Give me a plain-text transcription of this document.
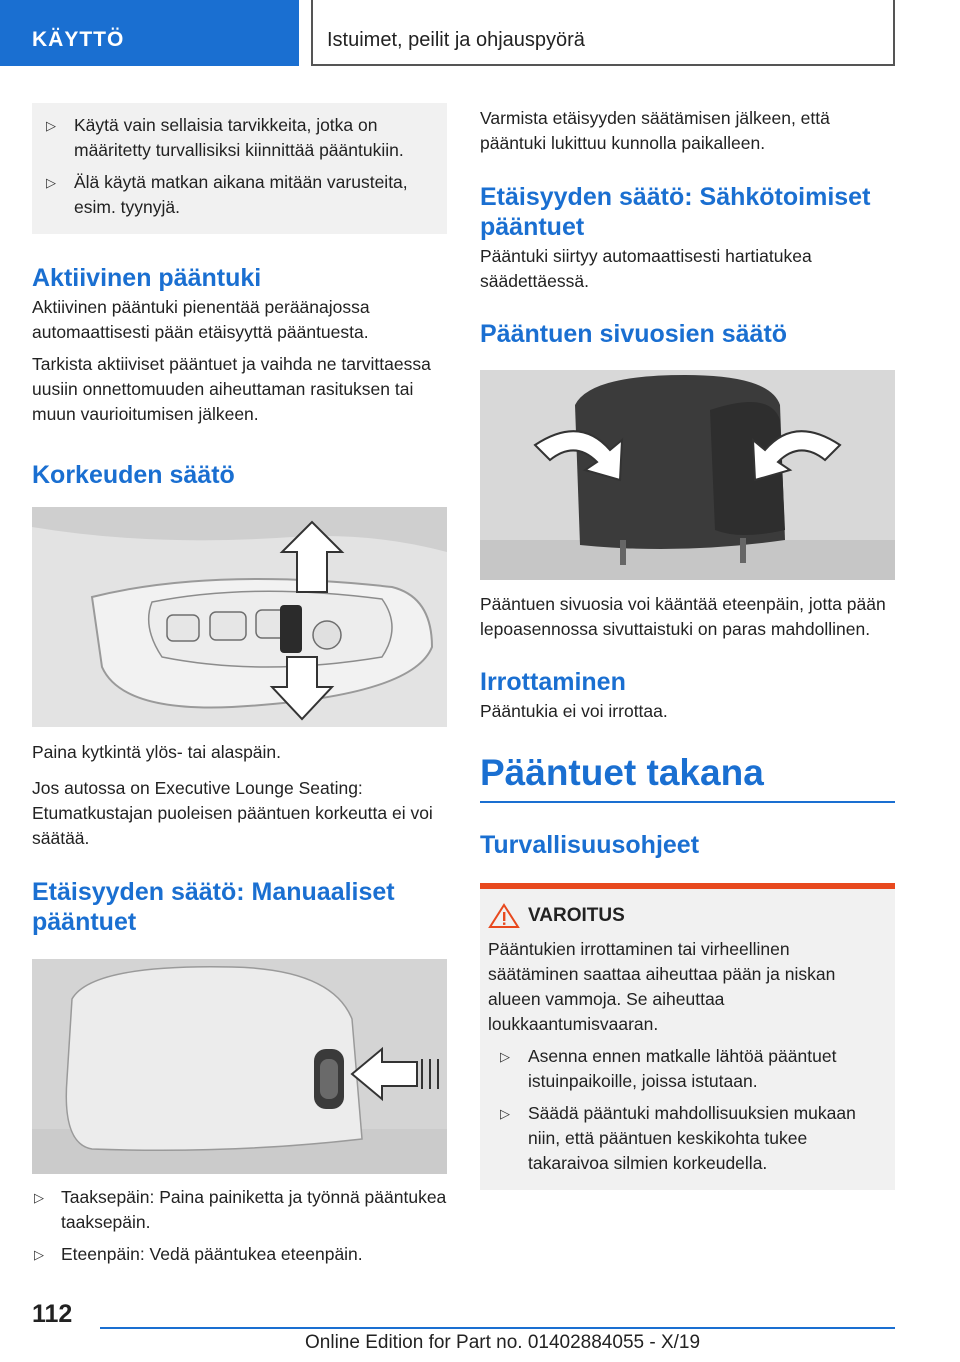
KÄYTTÖ	Istuimet, peilit ja ohjauspyörä
▷ Käytä vain sellaisia tarvikkeita, jotka on määritetty turvallisiksi kiinnittää pääntukiin.
▷ Älä käytä matkan aikana mitään varusteita, esim. tyynyjä.
Aktiivinen pääntuki

Aktiivinen pääntuki pienentää peräänajossa automaattisesti pään etäisyyttä pääntuesta.

Tarkista aktiiviset pääntuet ja vaihda ne tarvittaessa uusiin onnettomuuden aiheuttaman rasituksen tai muun vaurioitumisen jälkeen.

Korkeuden säätö

Paina kytkintä ylös- tai alaspäin.

Jos autossa on Executive Lounge Seating: Etumatkustajan puoleisen pääntuen korkeutta ei voi säätää.

Etäisyyden säätö: Manuaaliset pääntuet
▷ Taaksepäin: Paina painiketta ja työnnä pääntukea taaksepäin.
▷ Eteenpäin: Vedä pääntukea eteenpäin.

Varmista etäisyyden säätämisen jälkeen, että pääntuki lukittuu kunnolla paikalleen.

Etäisyyden säätö: Sähkötoimiset pääntuet

Pääntuki siirtyy automaattisesti hartiatukea säädettäessä.

Pääntuen sivuosien säätö

Pääntuen sivuosia voi kääntää eteenpäin, jotta pään lepoasennossa sivuttaistuki on paras mahdollinen.

Irrottaminen

Pääntukia ei voi irrottaa.

Pääntuet takana
Turvallisuusohjeet
VAROITUS

Pääntukien irrottaminen tai virheellinen säätäminen saattaa aiheuttaa pään ja niskan alueen vammoja. Se aiheuttaa loukkaantumisvaaran.

▷ Asenna ennen matkalle lähtöä pääntuet istuinpaikoille, joissa istutaan.
▷ Säädä pääntuki mahdollisuuksien mukaan niin, että pääntuen keskikohta tukee takaraivoa silmien korkeudella.
112
Online Edition for Part no. 01402884055 - X/19
